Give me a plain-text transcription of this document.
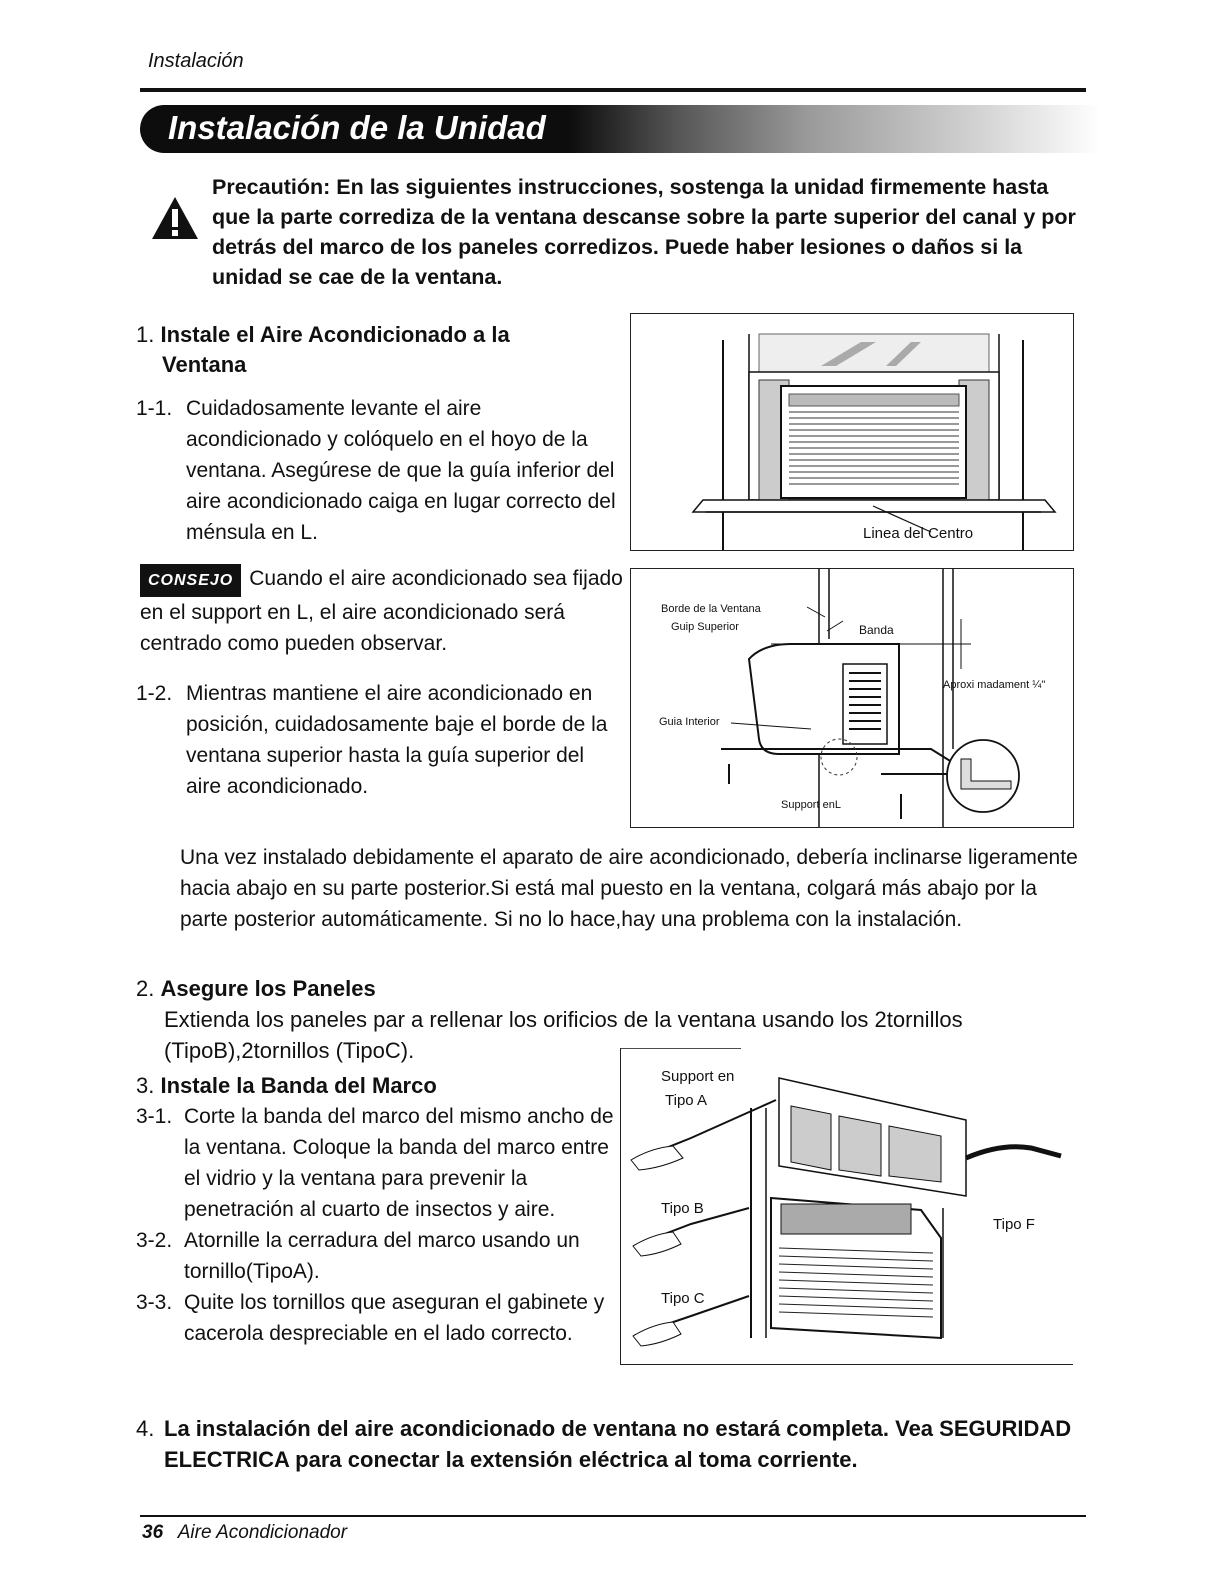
Instalación
Instalación de la Unidad
Precautión: En las siguientes instrucciones, sostenga la unidad firmemente hasta que la parte corrediza de la ventana descanse sobre la parte superior del canal y por detrás del marco de los paneles corredizos. Puede haber lesiones o daños si la unidad se cae de la ventana.
1. Instale el Aire Acondicionado a la
Ventana
1-1. Cuidadosamente levante el aire acondicionado y colóquelo en el hoyo de la ventana. Asegúrese de que la guía inferior del aire acondicionado caiga en lugar correcto del ménsula en L.
CONSEJO Cuando el aire acondicionado sea fijado en el support en L, el aire acondicionado será centrado como pueden observar.
1-2. Mientras mantiene el aire acondicionado en posición, cuidadosamente baje el borde de la ventana superior hasta la guía superior del aire acondicionado.
Una vez instalado debidamente el aparato de aire acondicionado, debería inclinarse ligeramente hacia abajo en su parte posterior.Si está mal puesto en la ventana, colgará más abajo por la parte posterior automáticamente. Si no lo hace,hay una problema con la instalación.
Linea del Centro
Borde de la Ventana
Guip Superior	Banda
Aproxi madament ¼"
Guia Interior
Support enL
2. Asegure los Paneles
Extienda los paneles par a rellenar los orificios de la ventana usando los 2tornillos (TipoB),2tornillos (TipoC).
3. Instale la Banda del Marco
3-1. Corte la banda del marco del mismo ancho de la ventana. Coloque la banda del marco entre el vidrio y la ventana para prevenir la penetración al cuarto de insectos y aire.
3-2. Atornille la cerradura del marco usando un tornillo(TipoA).
3-3. Quite los tornillos que aseguran el gabinete y cacerola despreciable en el lado correcto.
Support en
Tipo A
Tipo B
Tipo C
Tipo F
4. La instalación del aire acondicionado de ventana no estará completa. Vea SEGURIDAD ELECTRICA para conectar la extensión eléctrica al toma corriente.
36 Aire Acondicionador
